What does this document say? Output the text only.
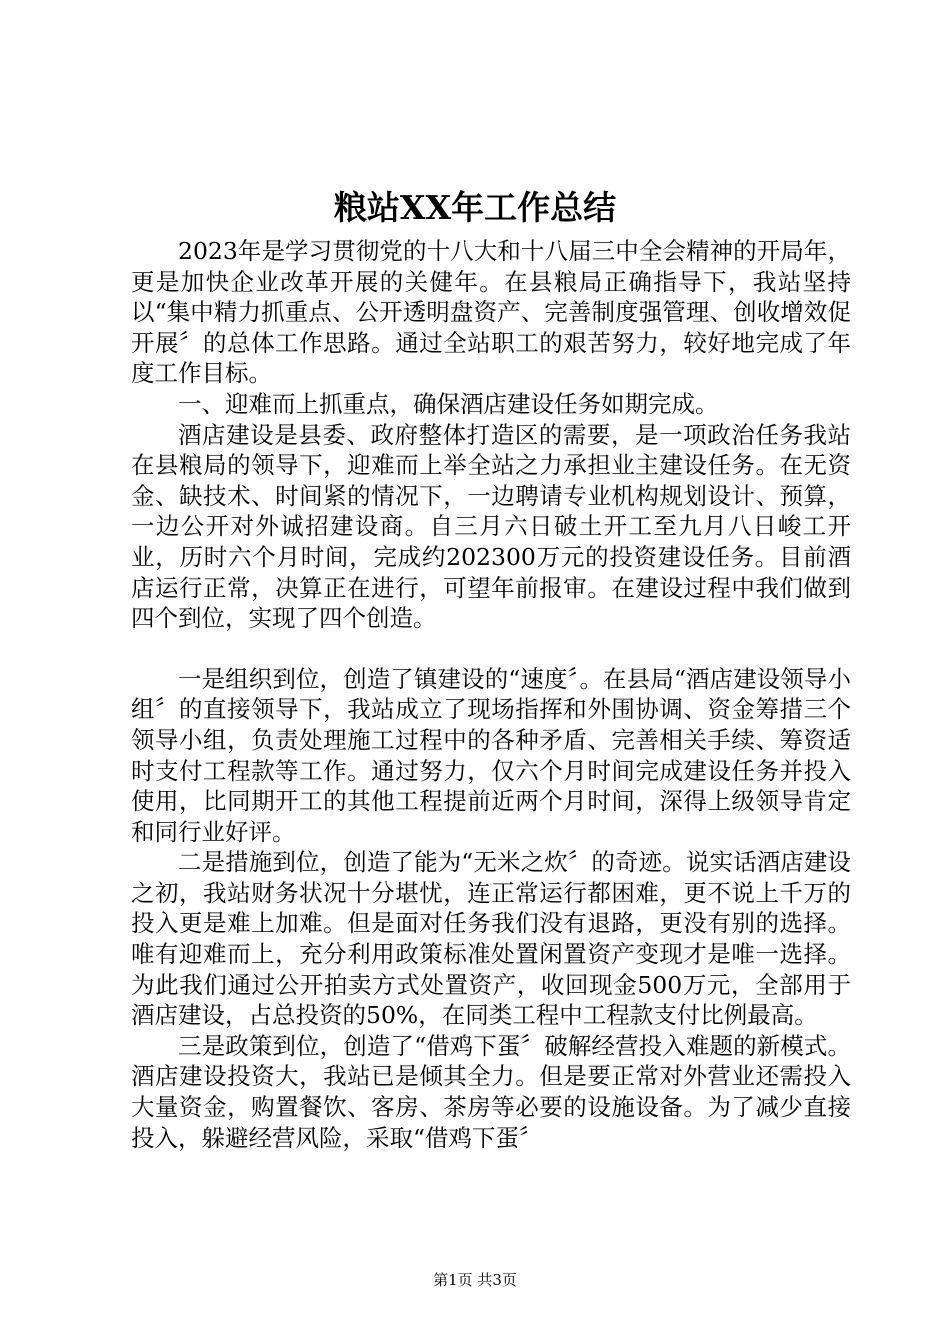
粮站XX年工作总结

2023年是学习贯彻党的十八大和十八届三中全会精神的开局年，更是加快企业改革开展的关健年。在县粮局正确指导下，我站坚持以“集中精力抓重点、公开透明盘资产、完善制度强管理、创收增效促开展〞的总体工作思路。通过全站职工的艰苦努力，较好地完成了年度工作目标。

一、迎难而上抓重点，确保酒店建设任务如期完成。

酒店建设是县委、政府整体打造区的需要，是一项政治任务我站在县粮局的领导下，迎难而上举全站之力承担业主建设任务。在无资金、缺技术、时间紧的情况下，一边聘请专业机构规划设计、预算，一边公开对外诚招建设商。自三月六日破土开工至九月八日峻工开业，历时六个月时间，完成约202300万元的投资建设任务。目前酒店运行正常，决算正在进行，可望年前报审。在建设过程中我们做到四个到位，实现了四个创造。

一是组织到位，创造了镇建设的“速度〞。在县局“酒店建设领导小组〞的直接领导下，我站成立了现场指挥和外围协调、资金筹措三个领导小组，负责处理施工过程中的各种矛盾、完善相关手续、筹资适时支付工程款等工作。通过努力，仅六个月时间完成建设任务并投入使用，比同期开工的其他工程提前近两个月时间，深得上级领导肯定和同行业好评。

二是措施到位，创造了能为“无米之炊〞的奇迹。说实话酒店建设之初，我站财务状况十分堪忧，连正常运行都困难，更不说上千万的投入更是难上加难。但是面对任务我们没有退路，更没有别的选择。唯有迎难而上，充分利用政策标准处置闲置资产变现才是唯一选择。为此我们通过公开拍卖方式处置资产，收回现金500万元，全部用于酒店建设，占总投资的50%，在同类工程中工程款支付比例最高。

三是政策到位，创造了“借鸡下蛋〞破解经营投入难题的新模式。酒店建设投资大，我站已是倾其全力。但是要正常对外营业还需投入大量资金，购置餐饮、客房、茶房等必要的设施设备。为了减少直接投入，躲避经营风险，采取“借鸡下蛋〞

第1页 共3页
